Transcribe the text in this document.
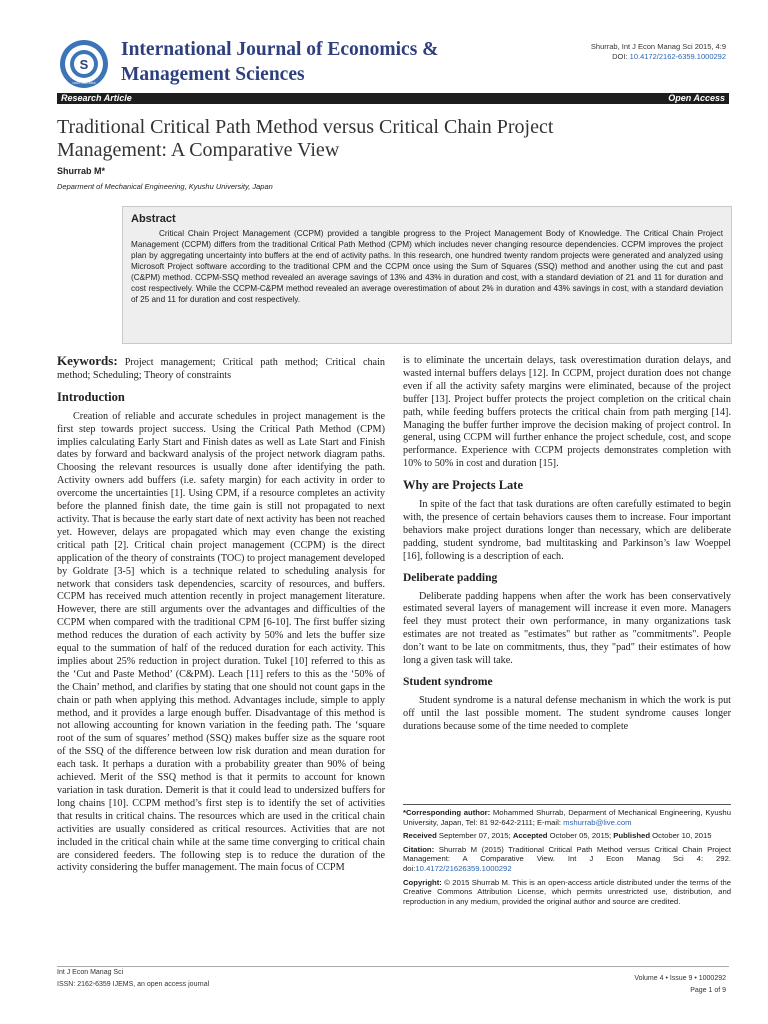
S
ISSN: 2162-6359
International Journal of Economics &
Management Sciences
Shurrab, Int J Econ Manag Sci 2015, 4:9
DOI: 10.4172/2162-6359.1000292
Research Article	Open Access
Traditional Critical Path Method versus Critical Chain Project
Management: A Comparative View
Shurrab M*
Deparment of Mechanical Engineering, Kyushu University, Japan
Abstract

Critical Chain Project Management (CCPM) provided a tangible progress to the Project Management Body of Knowledge. The Critical Chain Project Management (CCPM) differs from the traditional Critical Path Method (CPM) which includes never changing resource dependencies. CCPM improves the project plan by aggregating uncertainty into buffers at the end of activity paths. In this research, one hundred twenty random projects were generated and analyzed using Microsoft Project software according to the traditional CPM and the CCPM once using the Sum of Squares (SSQ) method and another using the cut and past (C&PM) method. CCPM-SSQ method revealed an average savings of 13% and 43% in duration and cost, with a standard deviation of 21 and 11 for duration and cost respectively. While the CCPM-C&PM method revealed an average overestimation of about 2% in duration and 43% savings in cost, with a standard deviation of 25 and 11 for duration and cost respectively.

Keywords: Project management; Critical path method; Critical chain method; Scheduling; Theory of constraints

Introduction

Creation of reliable and accurate schedules in project management is the first step towards project success. Using the Critical Path Method (CPM) implies calculating Early Start and Finish dates as well as Late Start and Finish dates by forward and backward analysis of the project network diagram paths. Choosing the relevant resources is usually done after identifying the path. Activity owners add buffers (i.e. safety margin) for each activity in order to overcome the uncertainties [1]. Using CPM, if a resource completes an activity before the planned finish date, the time gain is still not propagated to next activity. That is because the early start date of next activity has been not reached yet. However, delays are propagated which may even change the existing critical path [2]. Critical chain project management (CCPM) is the direct application of the theory of constraints (TOC) to project management developed by Goldrate [3-5] which is a technique related to scheduling analysis for network that considers task dependencies, scarcity of resources, and buffers. CCPM has received much attention recently in project management literature. However, there are still arguments over the advantages and difficulties of the CCPM when compared with the traditional CPM [6-10]. The first buffer sizing method reduces the duration of each activity by 50% and lets the buffer size equal to the summation of half of the reduced duration for each activity. This implies about 25% reduction in project duration. Tukel [10] referred to this as the ‘Cut and Paste Method’ (C&PM). Leach [11] refers to this as the ‘50% of the Chain’ method, and clarifies by stating that one should not count gaps in the chain or path when applying this method. Advantages include, simple to apply method, and it provides a large enough buffer. Disadvantage of this method is not allowing accounting for known variation in the feeding path. The ‘square root of the sum of squares’ method (SSQ) makes buffer size as the square root of the SSQ of the difference between low risk duration and mean duration for each task. It perhaps a duration with a probability greater than 90% of being achieved. Merit of the SSQ method is that it permits to account for known variation in task duration. Demerit is that it could lead to undersized buffers for long chains [10]. CCPM method’s first step is to identify the set of activities that results in critical chains. The resources which are used in the critical chain activities are usually considered as critical resources. Activities that are not included in the critical chain while at the same time converging to critical chain are considered feeders. The following step is to reduce the duration of the activity considering the buffer management. The main focus of CCPM

is to eliminate the uncertain delays, task overestimation duration delays, and wasted internal buffers delays [12]. In CCPM, project duration does not change even if all the activity safety margins were eliminated, because of the project buffer [13]. Project buffer protects the project completion on the critical chain path, while feeding buffers protects the critical chain from path merging [14]. Managing the buffer further improve the decision making of project control. In general, using CCPM will further enhance the project schedule, cost, and scope performance. Experience with CCPM projects demonstrates completion with 10% to 50% in cost and duration [15].

Why are Projects Late

In spite of the fact that task durations are often carefully estimated to begin with, the presence of certain behaviors causes them to increase. Four important behaviors make project durations longer than necessary, which are deliberate padding, student syndrome, bad multitasking and Parkinson’s law Woeppel [16], following is a description of each.

Deliberate padding

Deliberate padding happens when after the work has been conservatively estimated several layers of management will increase it even more. Managers feel they must protect their own performance, in many organizations task estimates are not treated as "estimates" but rather as "commitments". People don’t want to be late on commitments, thus, they "pad" their estimates of how long a given task will take.

Student syndrome

Student syndrome is a natural defense mechanism in which the work is put off until the last possible moment. The student syndrome causes longer durations because some of the time needed to complete

*Corresponding author: Mohammed Shurrab, Deparment of Mechanical Engineering, Kyushu University, Japan, Tel: 81 92-642-2111; E-mail: mshurrab@live.com

Received September 07, 2015; Accepted October 05, 2015; Published October 10, 2015

Citation: Shurrab M (2015) Traditional Critical Path Method versus Critical Chain Project Management: A Comparative View. Int J Econ Manag Sci 4: 292. doi:10.4172/21626359.1000292

Copyright: © 2015 Shurrab M. This is an open-access article distributed under the terms of the Creative Commons Attribution License, which permits unrestricted use, distribution, and reproduction in any medium, provided the original author and source are credited.

Int J Econ Manag Sci
ISSN: 2162-6359 IJEMS, an open access journal
Volume 4 • Issue 9 • 1000292
Page 1 of 9
